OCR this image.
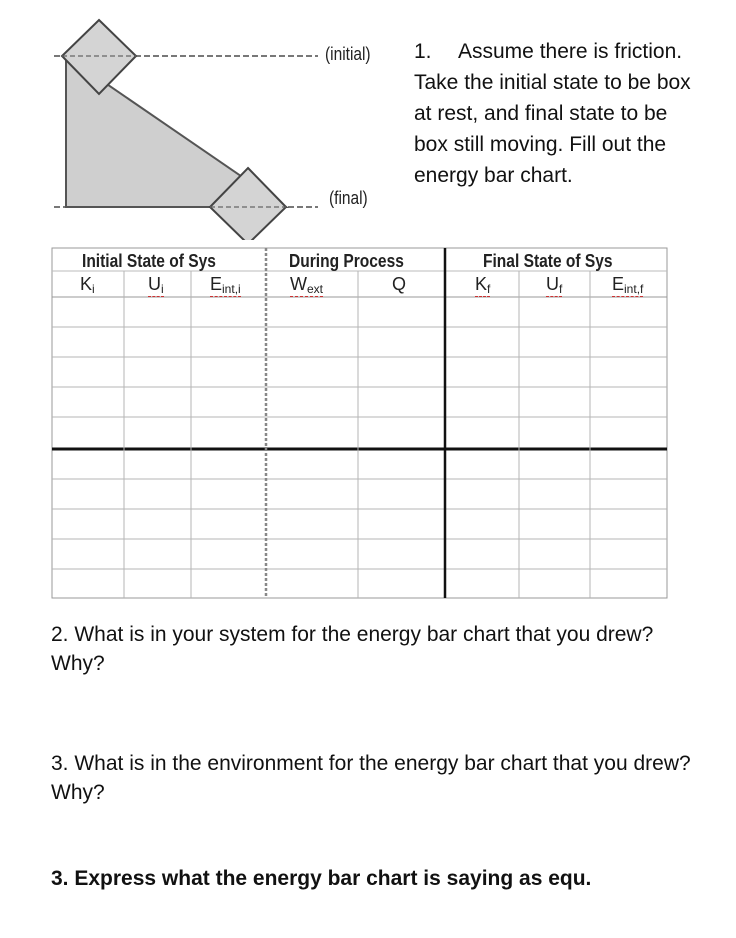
(initial)
(final)
1. Assume there is friction. Take the initial state to be box at rest, and final state to be box still moving. Fill out the energy bar chart.
Initial State of Sys	During Process	Final State of Sys
$K_i$	$U_i$	$E_{int,i}$	$W_{ext}$	Q	$K_f$	$U_f$	$E_{int,f}$
2. What is in your system for the energy bar chart that you drew? Why?
3. What is in the environment for the energy bar chart that you drew? Why?
3. Express what the energy bar chart is saying as equ.
